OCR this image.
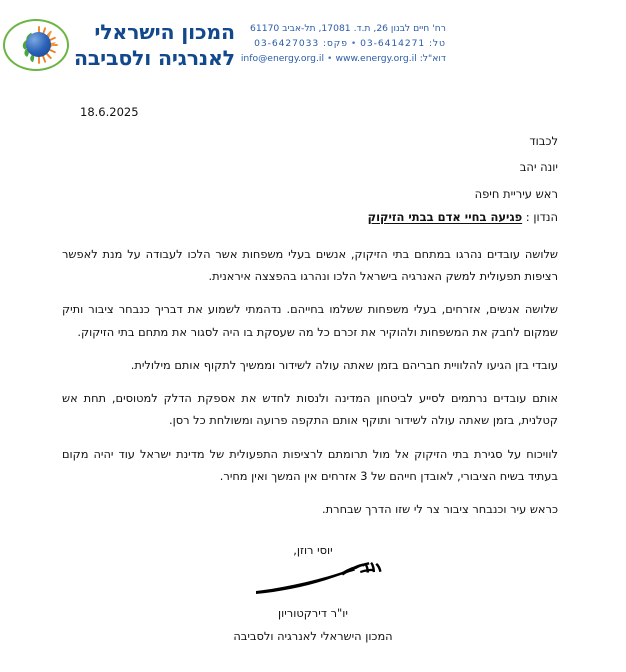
המכון הישראלי
לאנרגיה ולסביבה
רח' חיים לבנון 26, ת.ד. 17081, תל-אביב 61170
טל: 03-6414271•פקס: 03-6427033
דוא"ל: info@energy.org.il • www.energy.org.il
18.6.2025
לכבוד
יונה יהב
ראש עיריית חיפה
הנדון : פגיעה בחיי אדם בבתי הזיקוק

שלושה עובדים נהרגו במתחם בתי הזיקוק, אנשים בעלי משפחות אשר הלכו לעבודה על מנת לאפשר רציפות תפעולית למשק האנרגיה בישראל הלכו ונהרגו בהפצצה איראנית.

שלושה אנשים, אזרחים, בעלי משפחות ששלמו בחייהם. נדהמתי לשמוע את דבריך כנבחר ציבור ותיק שמקום לחבק את המשפחות ולהוקיר את זכרם כל מה שעסקת בו היה לסגור את מתחם בתי הזיקוק.

עובדי בזן הגיעו להלוויית חבריהם בזמן שאתה עולה לשידור וממשיך לתקוף אותם מילולית.

אותם עובדים נרתמים לסייע לביטחון המדינה ולנסות לחדש את אספקת הדלק למטוסים, תחת אש קטלנית, בזמן שאתה עולה לשידור ותוקף אותם התקפה פרועה ומשולחת כל רסן.

לוויכוח על סגירת בתי הזיקוק אל מול תרומתם לרציפות התפעולית של מדינת ישראל עוד יהיה מקום בעתיד בשיח הציבורי, לאובדן חייהם של 3 אזרחים אין המשך ואין מחיר.

כראש עיר וכנבחר ציבור צר לי שזו הדרך שבחרת.

יוסי רוזן,
יו"ר דירקטוריון
המכון הישראלי לאנרגיה ולסביבה
